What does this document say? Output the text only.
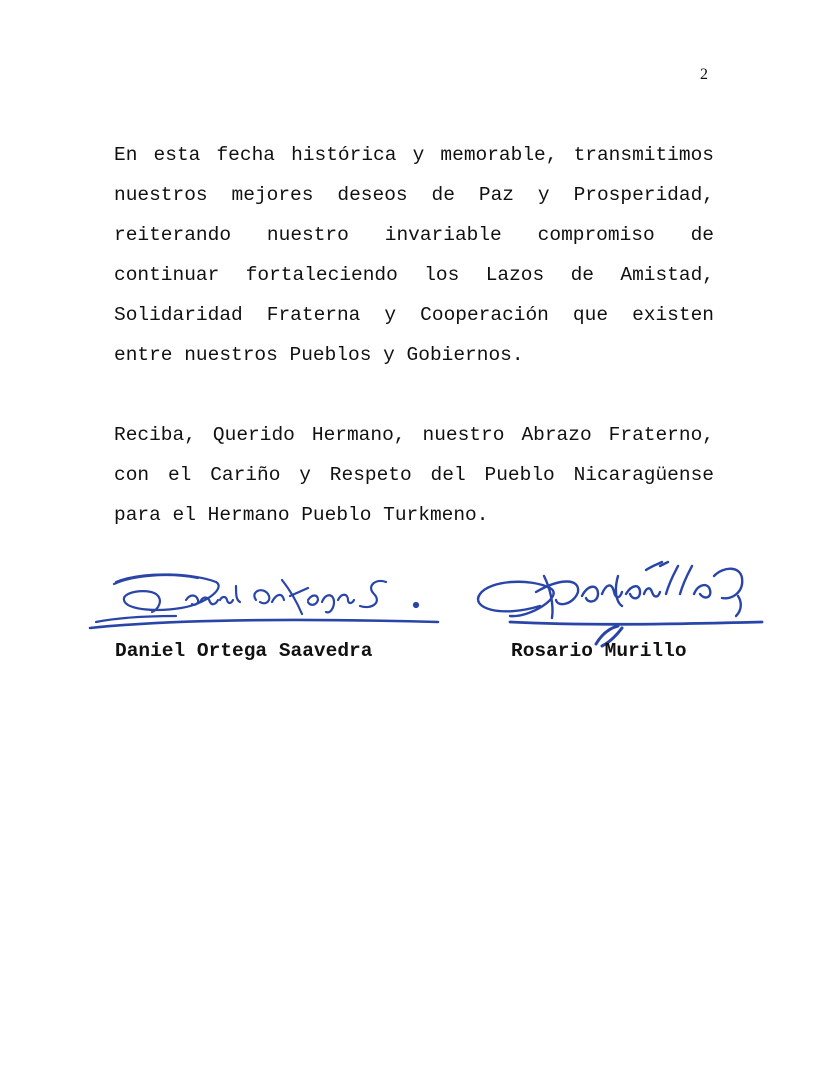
2
En esta fecha histórica y memorable, transmitimos
nuestros mejores deseos de Paz y Prosperidad,
reiterando nuestro invariable compromiso de
continuar fortaleciendo los Lazos de Amistad,
Solidaridad Fraterna y Cooperación que existen
entre nuestros Pueblos y Gobiernos.
Reciba, Querido Hermano, nuestro Abrazo Fraterno,
con el Cariño y Respeto del Pueblo Nicaragüense
para el Hermano Pueblo Turkmeno.
Daniel Ortega Saavedra	Rosario Murillo
